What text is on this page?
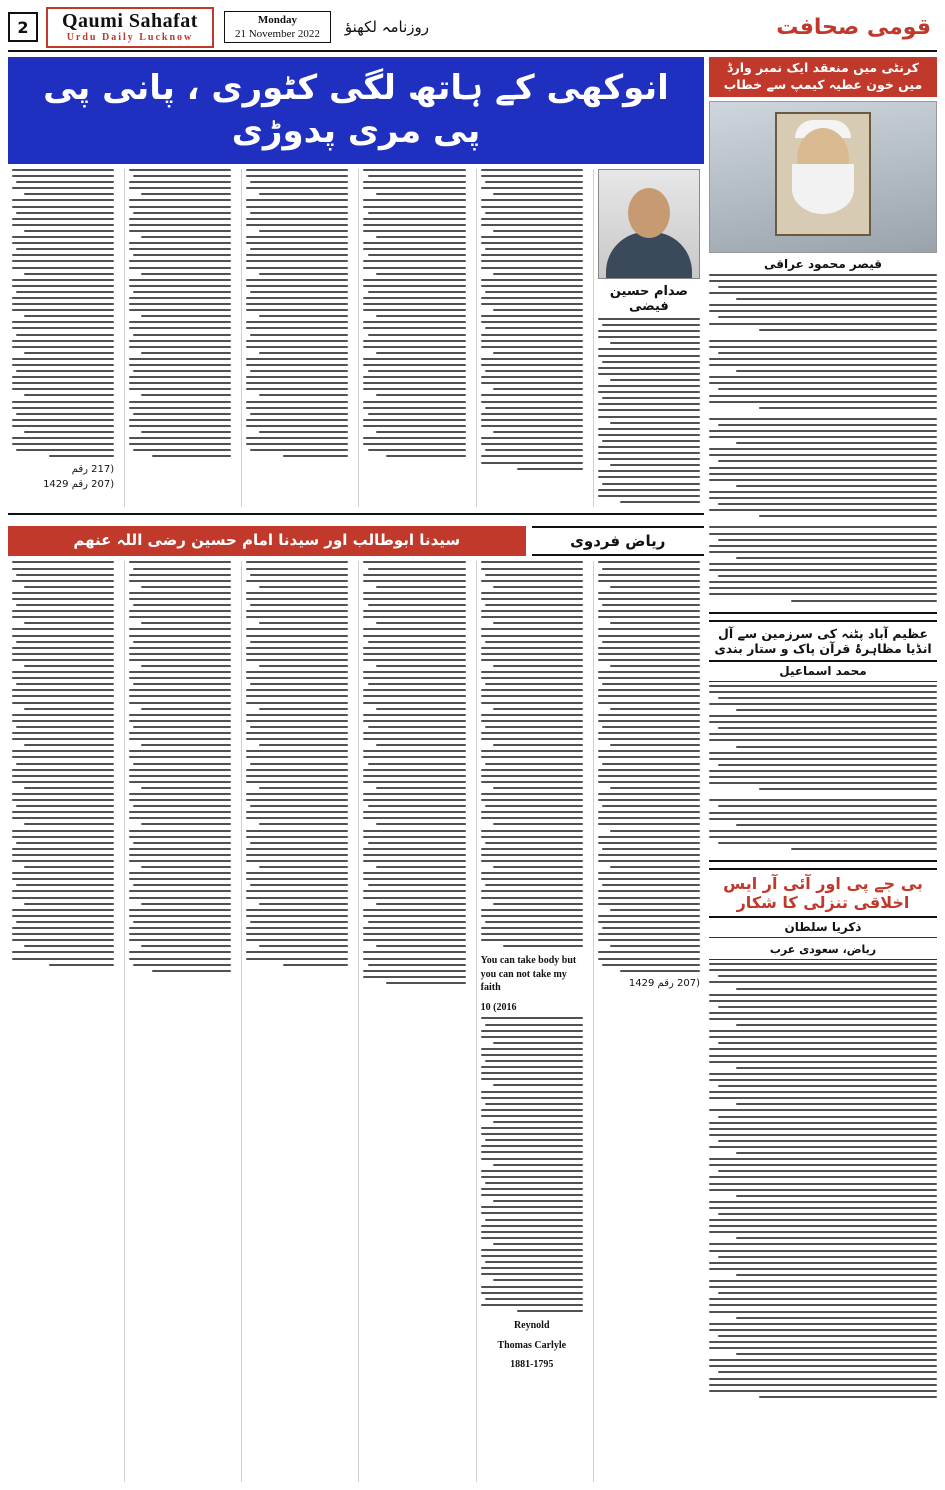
2	Qaumi Sahafat
Urdu Daily Lucknow
Monday
21 November 2022 روزنامہ لکھنؤ	قومی صحافت
کرنٹی میں منعقد ایک نمبر وارڈ میں خون عطیہ کیمپ سے خطاب
قیصر محمود عراقی
عظیم آباد پٹنہ کی سرزمین سے آل انڈیا مظاہرۂ قرآن پاک و ستار بندی
محمد اسماعیل
بی جے پی اور آئی آر ایس اخلاقی تنزلی کا شکار
ذکریا سلطان
ریاض، سعودی عرب
انوکھی کے ہاتھ لگی کٹوری ، پانی پی پی مری پدوڑی
صدام حسین فیضی
(217 رقم
(207 رقم 1429
ریاض فردوی
سیدنا ابوطالب اور سیدنا امام حسین رضی اللہ عنھم
(207 رقم 1429
You can take body but you can not take my faith
10 (2016
Reynold
Thomas Carlyle
1881-1795
